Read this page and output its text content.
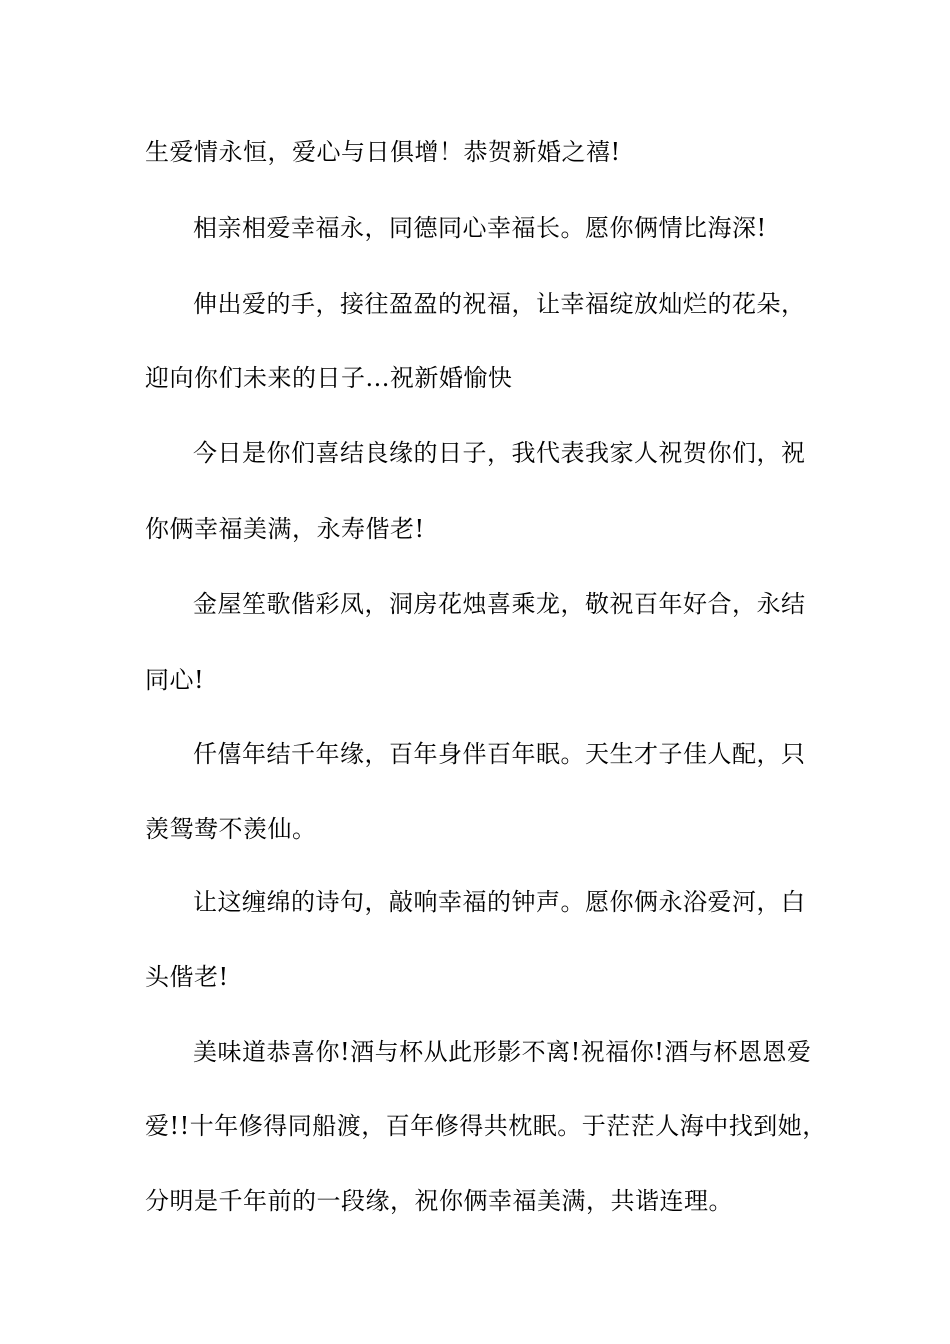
生爱情永恒，爱心与日俱增！恭贺新婚之禧!
相亲相爱幸福永，同德同心幸福长。愿你俩情比海深!
伸出爱的手，接往盈盈的祝福，让幸福绽放灿烂的花朵，
迎向你们未来的日子...祝新婚愉快
今日是你们喜结良缘的日子，我代表我家人祝贺你们，祝
你俩幸福美满，永寿偕老!
金屋笙歌偕彩凤，洞房花烛喜乘龙，敬祝百年好合，永结
同心!
仟僖年结千年缘，百年身伴百年眠。天生才子佳人配，只
羡鸳鸯不羡仙。
让这缠绵的诗句，敲响幸福的钟声。愿你俩永浴爱河，白
头偕老!
美味道恭喜你!酒与杯从此形影不离!祝福你!酒与杯恩恩爱
爱!!十年修得同船渡，百年修得共枕眠。于茫茫人海中找到她，
分明是千年前的一段缘，祝你俩幸福美满，共谐连理。
